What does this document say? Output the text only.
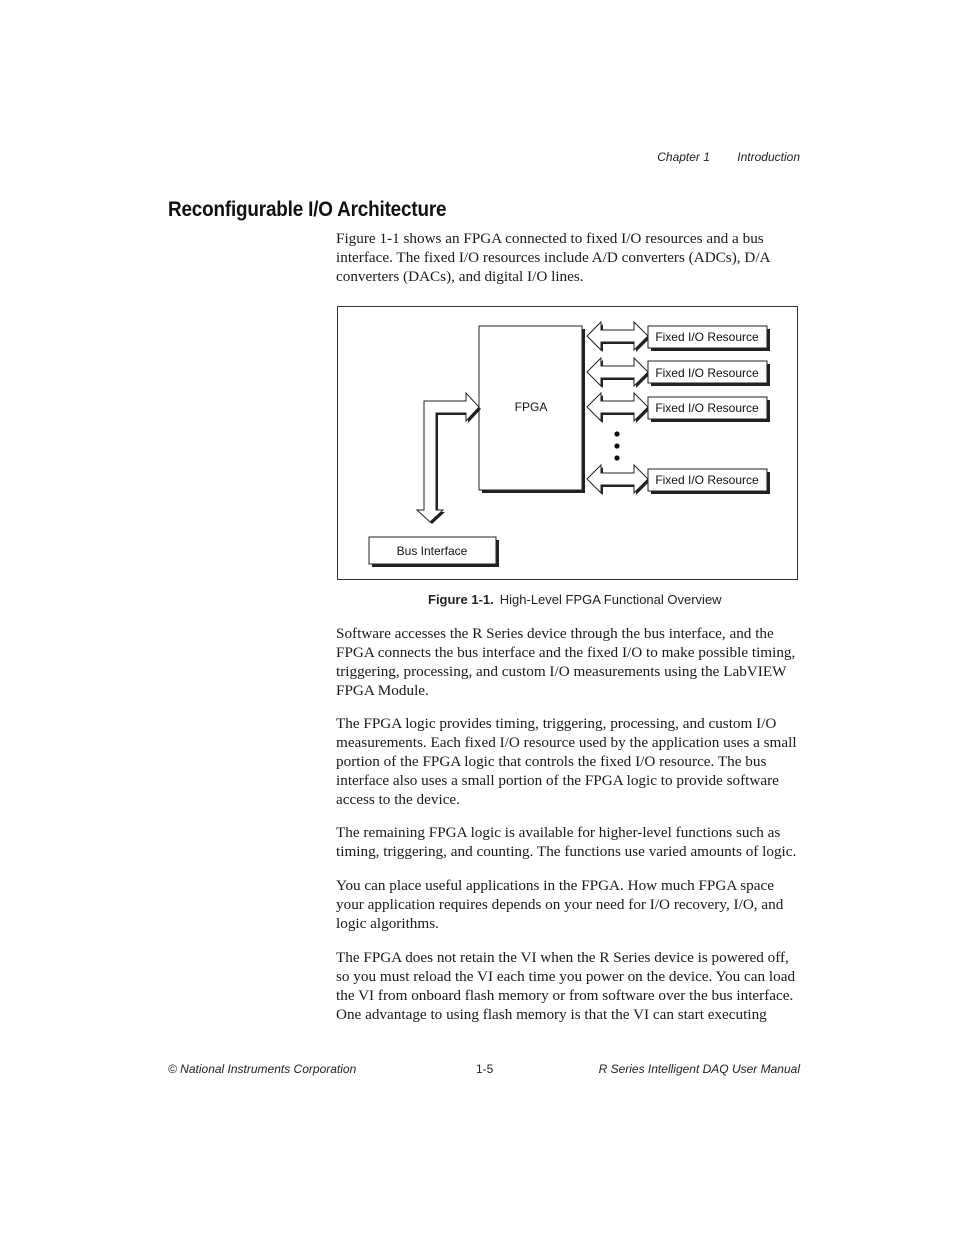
Chapter 1 Introduction
Reconfigurable I/O Architecture

Figure 1-1 shows an FPGA connected to fixed I/O resources and a bus interface. The fixed I/O resources include A/D converters (ADCs), D/A converters (DACs), and digital I/O lines.

FPGA
Bus Interface
Fixed I/O Resource
Fixed I/O Resource
Fixed I/O Resource
Fixed I/O Resource
Figure 1-1. High-Level FPGA Functional Overview

Software accesses the R Series device through the bus interface, and the FPGA connects the bus interface and the fixed I/O to make possible timing, triggering, processing, and custom I/O measurements using the LabVIEW FPGA Module.

The FPGA logic provides timing, triggering, processing, and custom I/O measurements. Each fixed I/O resource used by the application uses a small portion of the FPGA logic that controls the fixed I/O resource. The bus interface also uses a small portion of the FPGA logic to provide software access to the device.

The remaining FPGA logic is available for higher-level functions such as timing, triggering, and counting. The functions use varied amounts of logic.

You can place useful applications in the FPGA. How much FPGA space your application requires depends on your need for I/O recovery, I/O, and logic algorithms.

The FPGA does not retain the VI when the R Series device is powered off, so you must reload the VI each time you power on the device. You can load the VI from onboard flash memory or from software over the bus interface. One advantage to using flash memory is that the VI can start executing

© National Instruments Corporation	1-5	R Series Intelligent DAQ User Manual
